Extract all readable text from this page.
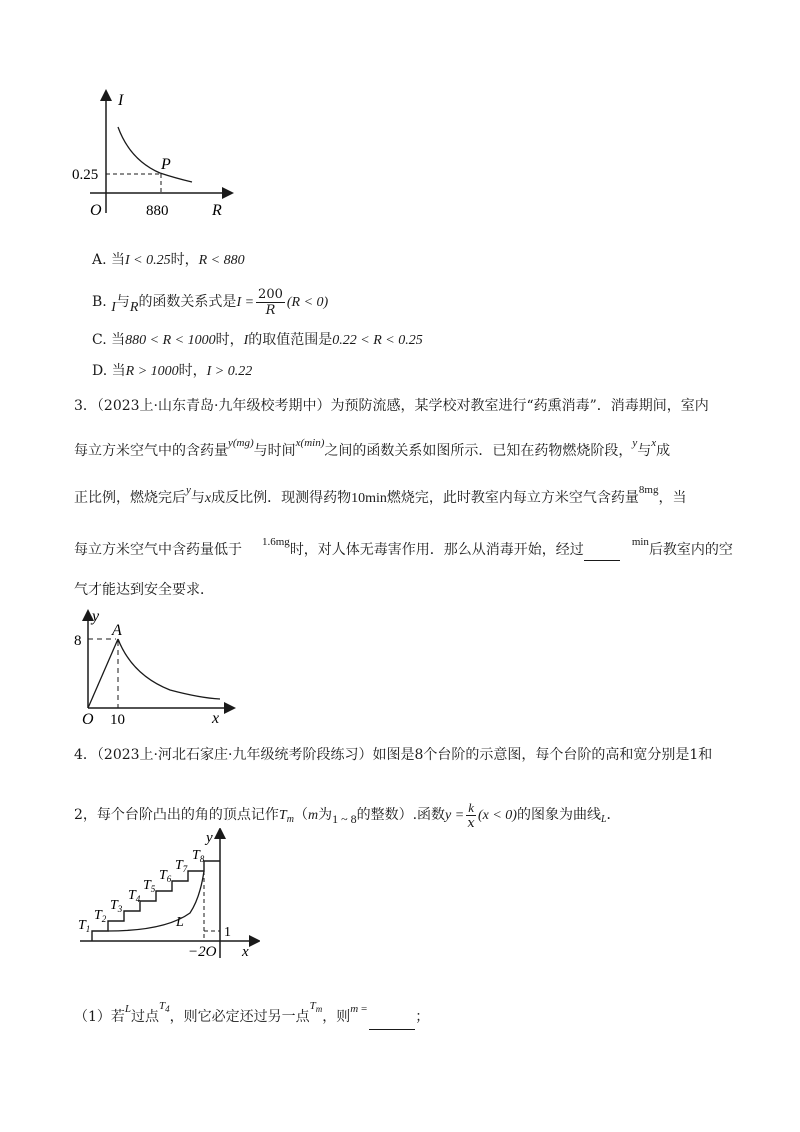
I
R
O
P
0.25
880
A. 当I < 0.25时，R < 880
B. I与R的函数关系式是$I = \frac{200}{R} (R < 0)$
C. 当880 < R < 1000时，I的取值范围是0.22 < R < 0.25
D. 当R > 1000时，I > 0.22
3．（2023上·山东青岛·九年级校考期中）为预防流感，某学校对教室进行“药熏消毒”．消毒期间，室内
每立方米空气中的含药量$^{y(mg)}$与时间$^{x(min)}$之间的函数关系如图所示．已知在药物燃烧阶段，$^y$与$^x$成
正比例，燃烧完后$^y$与x成反比例．现测得药物10min燃烧完，此时教室内每立方米空气含药量$^{8mg}$，当
每立方米空气中含药量低于 $^{1.6mg}$时，对人体无毒害作用．那么从消毒开始，经过	$^{min}$后教室内的空
气才能达到安全要求．
y
x
O
A
8
10
4．（2023上·河北石家庄·九年级统考阶段练习）如图是8个台阶的示意图，每个台阶的高和宽分别是1和
2，每个台阶凸出的角的顶点记作$T_m(m$为1 ~ 8的整数）.函数$y = \frac{k}{x} (x < 0)$的图象为曲线$_L$．
y
x
−2O
1
L
$T_1$
$T_2$
$T_3$
$T_4$
$T_5$
$T_6$
$T_7$
$T_8$
（1）若$^L$过点$^{T4}$，则它必定还过另一点$^{Tm}$，则$^m$ =	；
